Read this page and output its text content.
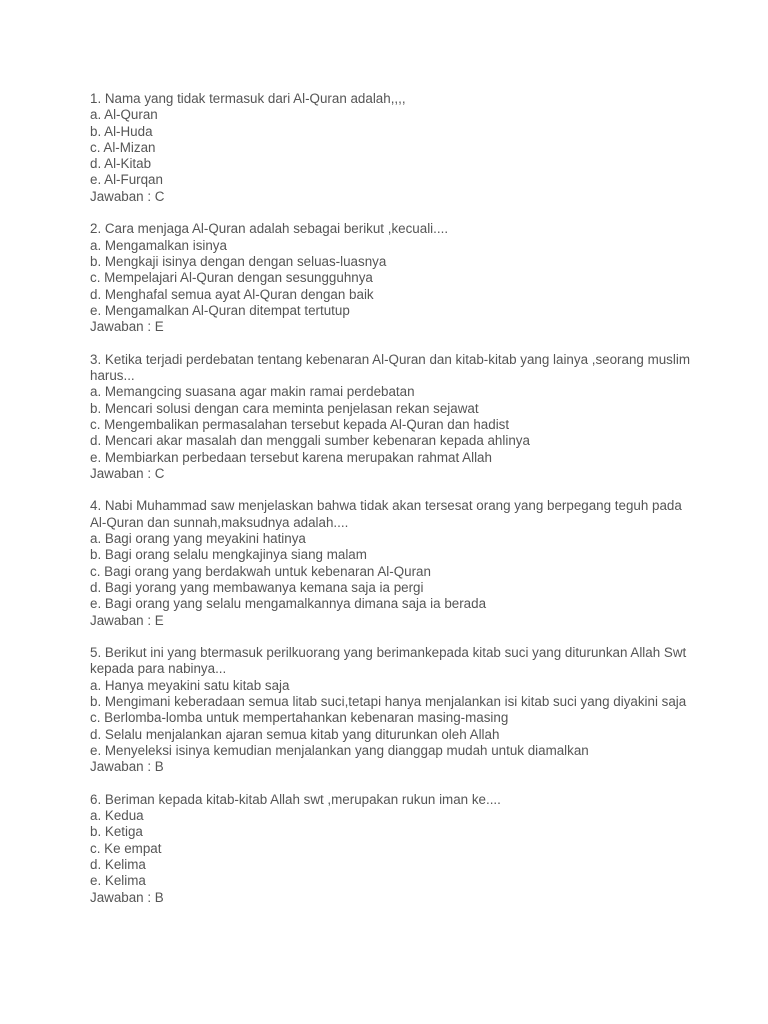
1. Nama yang tidak termasuk dari Al-Quran adalah,,,,
a. Al-Quran
b. Al-Huda
c. Al-Mizan
d. Al-Kitab
e. Al-Furqan
Jawaban : C
2. Cara menjaga Al-Quran adalah sebagai berikut ,kecuali....
a. Mengamalkan isinya
b. Mengkaji isinya dengan dengan seluas-luasnya
c. Mempelajari Al-Quran dengan sesungguhnya
d. Menghafal semua ayat Al-Quran dengan baik
e. Mengamalkan Al-Quran ditempat tertutup
Jawaban : E
3. Ketika terjadi perdebatan tentang kebenaran Al-Quran dan kitab-kitab yang lainya ,seorang muslim harus...
a. Memangcing suasana agar makin ramai perdebatan
b. Mencari solusi dengan cara meminta penjelasan rekan sejawat
c. Mengembalikan permasalahan tersebut kepada Al-Quran dan hadist
d. Mencari akar masalah dan menggali sumber kebenaran kepada ahlinya
e. Membiarkan perbedaan tersebut karena merupakan rahmat Allah
Jawaban : C
4. Nabi Muhammad saw menjelaskan bahwa tidak akan tersesat orang yang berpegang teguh pada Al-Quran dan sunnah,maksudnya adalah....
a. Bagi orang yang meyakini hatinya
b. Bagi orang selalu mengkajinya siang malam
c. Bagi orang yang berdakwah untuk kebenaran Al-Quran
d. Bagi yorang yang membawanya kemana saja ia pergi
e. Bagi orang yang selalu mengamalkannya dimana saja ia berada
Jawaban : E
5. Berikut ini yang btermasuk perilkuorang yang berimankepada kitab suci yang diturunkan Allah Swt kepada para nabinya...
a. Hanya meyakini satu kitab saja
b. Mengimani keberadaan semua litab suci,tetapi hanya menjalankan isi kitab suci yang diyakini saja
c. Berlomba-lomba untuk mempertahankan kebenaran masing-masing
d. Selalu menjalankan ajaran semua kitab yang diturunkan oleh Allah
e. Menyeleksi isinya kemudian menjalankan yang dianggap mudah untuk diamalkan
Jawaban : B
6. Beriman kepada kitab-kitab Allah swt ,merupakan rukun iman ke....
a. Kedua
b. Ketiga
c. Ke empat
d. Kelima
e. Kelima
Jawaban : B
